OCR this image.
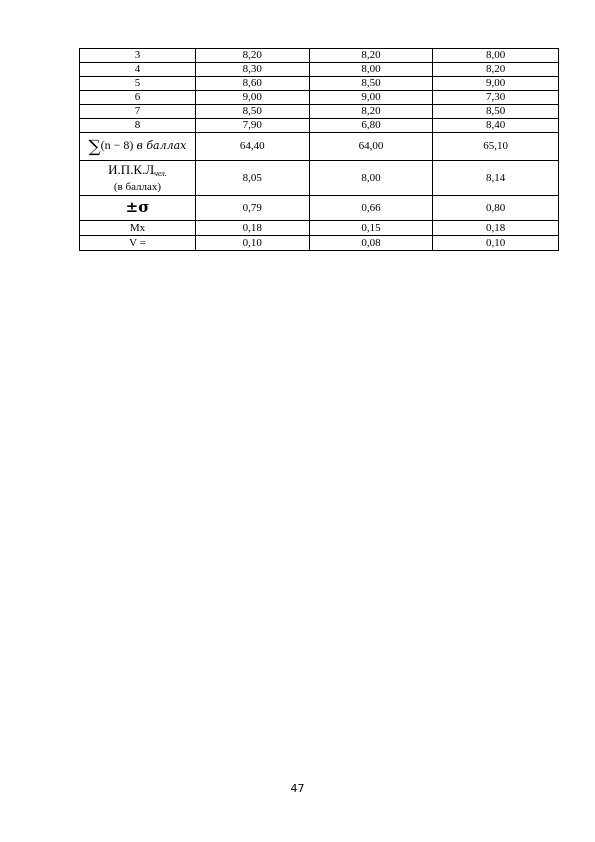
3	8,20	8,20	8,00
4	8,30	8,00	8,20
5	8,60	8,50	9,00
6	9,00	9,00	7,30
7	8,50	8,20	8,50
8	7,90	6,80	8,40
∑(n − 8) в баллах	64,40	64,00	65,10

И.П.К.Лчел.
(в баллах)	8,05	8,00	8,14
±σ	0,79	0,66	0,80
Mx	0,18	0,15	0,18
V =	0,10	0,08	0,10
47
